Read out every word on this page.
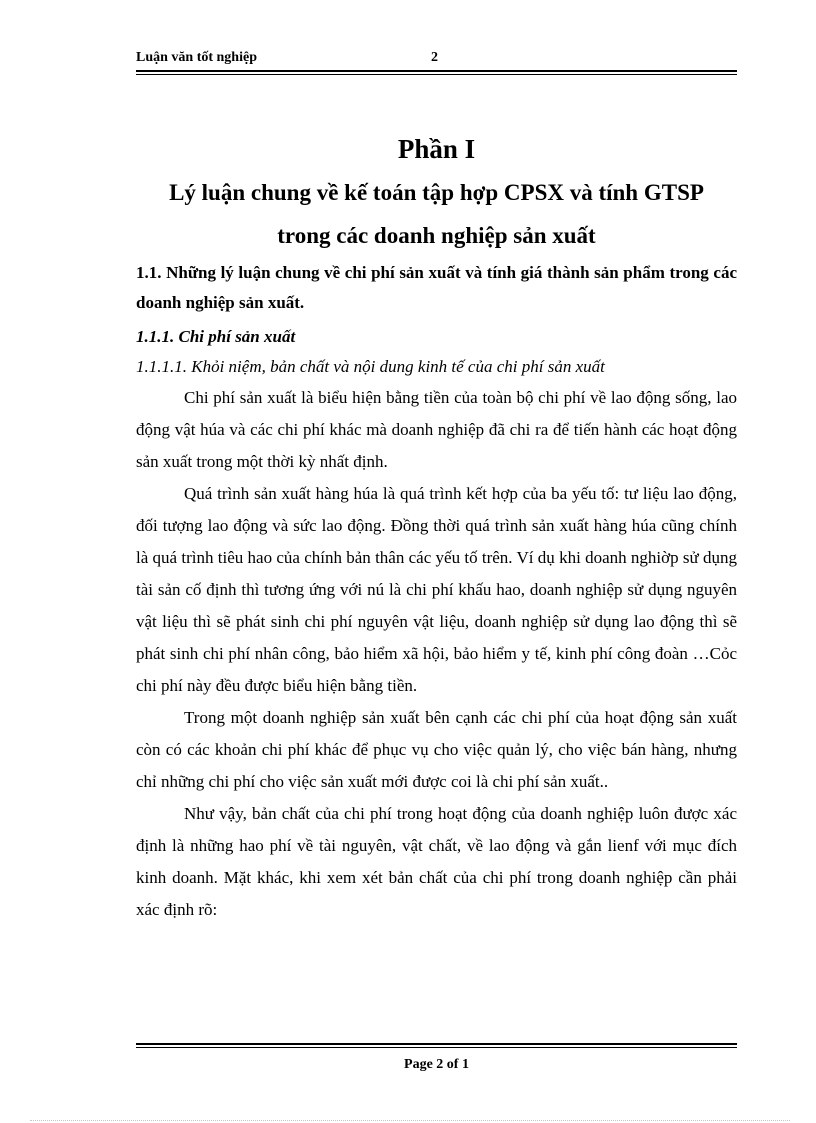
Luận văn tốt nghiệp	2
Phần I
Lý luận chung về kế toán tập hợp CPSX và tính GTSP
trong các doanh nghiệp sản xuất

1.1. Những lý luận chung về chi phí sản xuất và tính giá thành sản phẩm trong các doanh nghiệp sản xuất.

1.1.1. Chi phí sản xuất

1.1.1.1. Khỏi niệm, bản chất và nội dung kinh tế của chi phí sản xuất

Chi phí sản xuất là biểu hiện bằng tiền của toàn bộ chi phí về lao động sống, lao động vật húa và các chi phí khác mà doanh nghiệp đã chi ra để tiến hành các hoạt động sản xuất trong một thời kỳ nhất định.

Quá trình sản xuất hàng húa là quá trình kết hợp của ba yếu tố: tư liệu lao động, đối tượng lao động và sức lao động. Đồng thời quá trình sản xuất hàng húa cũng chính là quá trình tiêu hao của chính bản thân các yếu tố trên. Ví dụ khi doanh nghiờp sử dụng tài sản cố định thì tương ứng với nú là chi phí khấu hao, doanh nghiệp sử dụng nguyên vật liệu thì sẽ phát sinh chi phí nguyên vật liệu, doanh nghiệp sử dụng lao động thì sẽ phát sinh chi phí nhân công, bảo hiểm xã hội, bảo hiểm y tế, kinh phí công đoàn …Cỏc chi phí này đều được biểu hiện bằng tiền.

Trong một doanh nghiệp sản xuất bên cạnh các chi phí của hoạt động sản xuất còn có các khoản chi phí khác để phục vụ cho việc quản lý, cho việc bán hàng, nhưng chỉ những chi phí cho việc sản xuất mới được coi là chi phí sản xuất..

Như vậy, bản chất của chi phí trong hoạt động của doanh nghiệp luôn được xác định là những hao phí về tài nguyên, vật chất, về lao động và gắn lienf với mục đích kinh doanh. Mặt khác, khi xem xét bản chất của chi phí trong doanh nghiệp cần phải xác định rõ:

Page 2 of 1
